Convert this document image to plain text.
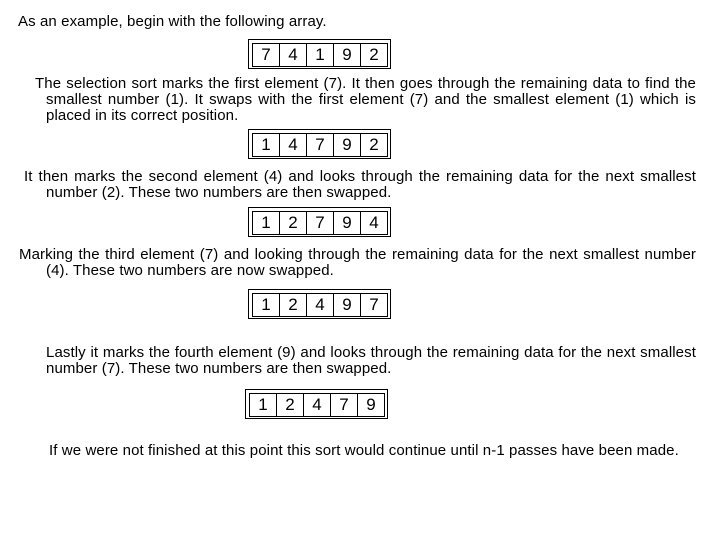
As an example, begin with the following array.
7	4	1	9	2
The selection sort marks the first element (7). It then goes through the remaining data to find the smallest number (1). It swaps with the first element (7) and the smallest element (1) which is placed in its correct position.
1	4	7	9	2
It then marks the second element (4) and looks through the remaining data for the next smallest number (2). These two numbers are then swapped.
1	2	7	9	4
Marking the third element (7) and looking through the remaining data for the next smallest number (4). These two numbers are now swapped.
1	2	4	9	7
Lastly it marks the fourth element (9) and looks through the remaining data for the next smallest number (7). These two numbers are then swapped.
1	2	4	7	9
If we were not finished at this point this sort would continue until n-1 passes have been made.
